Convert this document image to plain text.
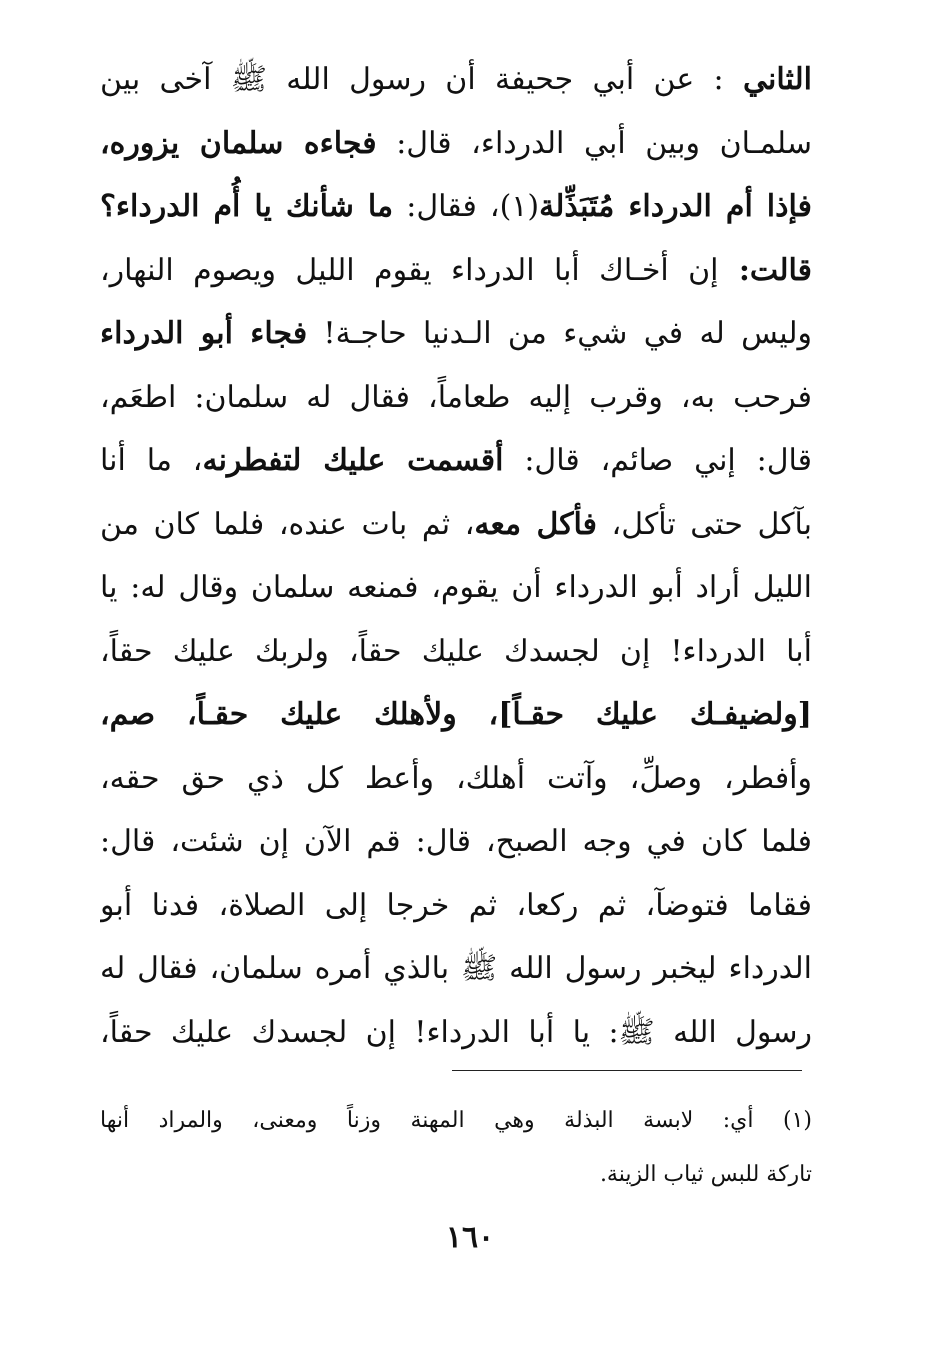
الثاني : عن أبي جحيفة أن رسول الله ﷺ آخى بين
سلمـان وبين أبي الدرداء، قال: فجاءه سلمان يزوره،
فإذا أم الدرداء مُتَبَذِّلة(١)، فقال: ما شأنك يا أُم الدرداء؟
قالت: إن أخـاك أبا الدرداء يقوم الليل ويصوم النهار،
وليس له في شيء من الـدنيا حاجـة! فجاء أبو الدرداء
فرحب به، وقرب إليه طعاماً، فقال له سلمان: اطعَم،
قال: إني صائم، قال: أقسمت عليك لتفطرنه، ما أنا
بآكل حتى تأكل، فأكل معه، ثم بات عنده، فلما كان من
الليل أراد أبو الدرداء أن يقوم، فمنعه سلمان وقال له: يا
أبا الدرداء! إن لجسدك عليك حقاً، ولربك عليك حقاً،
[ولضيفـك عليك حقـاً]، ولأهلك عليك حقـاً، صم،
وأفطر، وصلِّ، وآتت أهلك، وأعط كل ذي حق حقه،
فلما كان في وجه الصبح، قال: قم الآن إن شئت، قال:
فقاما فتوضآ، ثم ركعا، ثم خرجا إلى الصلاة، فدنا أبو
الدرداء ليخبر رسول الله ﷺ بالذي أمره سلمان، فقال له
رسول الله ﷺ: يا أبا الدرداء! إن لجسدك عليك حقاً،
(١) أي: لابسة البذلة وهي المهنة وزناً ومعنى، والمراد أنها
تاركة للبس ثياب الزينة.
١٦٠
